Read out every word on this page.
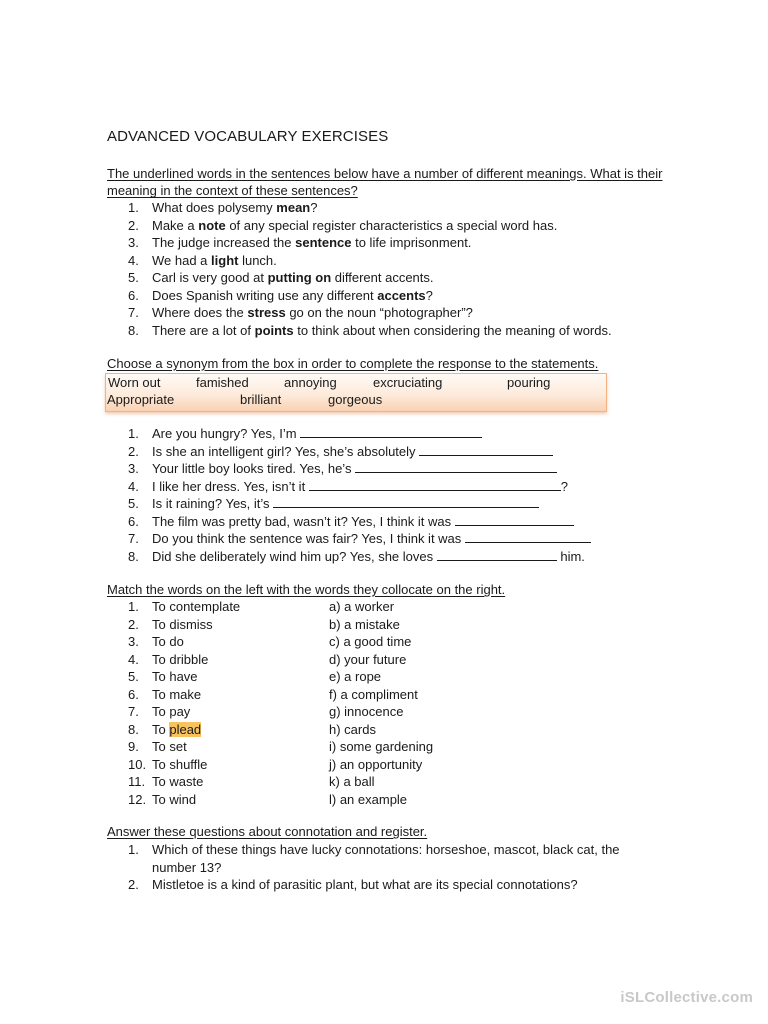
ADVANCED VOCABULARY EXERCISES
The underlined words in the sentences below have a number of different meanings. What is their meaning in the context of these sentences?
1.	What does polysemy mean?
2.	Make a note of any special register characteristics a special word has.
3.	The judge increased the sentence to life imprisonment.
4.	We had a light lunch.
5.	Carl is very good at putting on different accents.
6.	Does Spanish writing use any different accents?
7.	Where does the stress go on the noun “photographer”?
8.	There are a lot of points to think about when considering the meaning of words.
Choose a synonym from the box in order to complete the response to the statements.
Worn out	famished	annoying	excruciating	pouring
Appropriate	brilliant	gorgeous
1.	Are you hungry? Yes, I’m
2.	Is she an intelligent girl? Yes, she’s absolutely
3.	Your little boy looks tired. Yes, he’s
4.	I like her dress. Yes, isn’t it	?
5.	Is it raining? Yes, it’s
6.	The film was pretty bad, wasn’t it? Yes, I think it was
7.	Do you think the sentence was fair? Yes, I think it was
8.	Did she deliberately wind him up? Yes, she loves	him.
Match the words on the left with the words they collocate on the right.
1.	To contemplate	a) a worker
2.	To dismiss	b) a mistake
3.	To do	c) a good time
4.	To dribble	d) your future
5.	To have	e) a rope
6.	To make	f) a compliment
7.	To pay	g) innocence
8.	To plead	h) cards
9.	To set	i) some gardening
10. To shuffle	j) an opportunity
11. To waste	k) a ball
12. To wind	l) an example
Answer these questions about connotation and register.
1.	Which of these things have lucky connotations: horseshoe, mascot, black cat, the number 13?
2.	Mistletoe is a kind of parasitic plant, but what are its special connotations?
iSLCollective.com
